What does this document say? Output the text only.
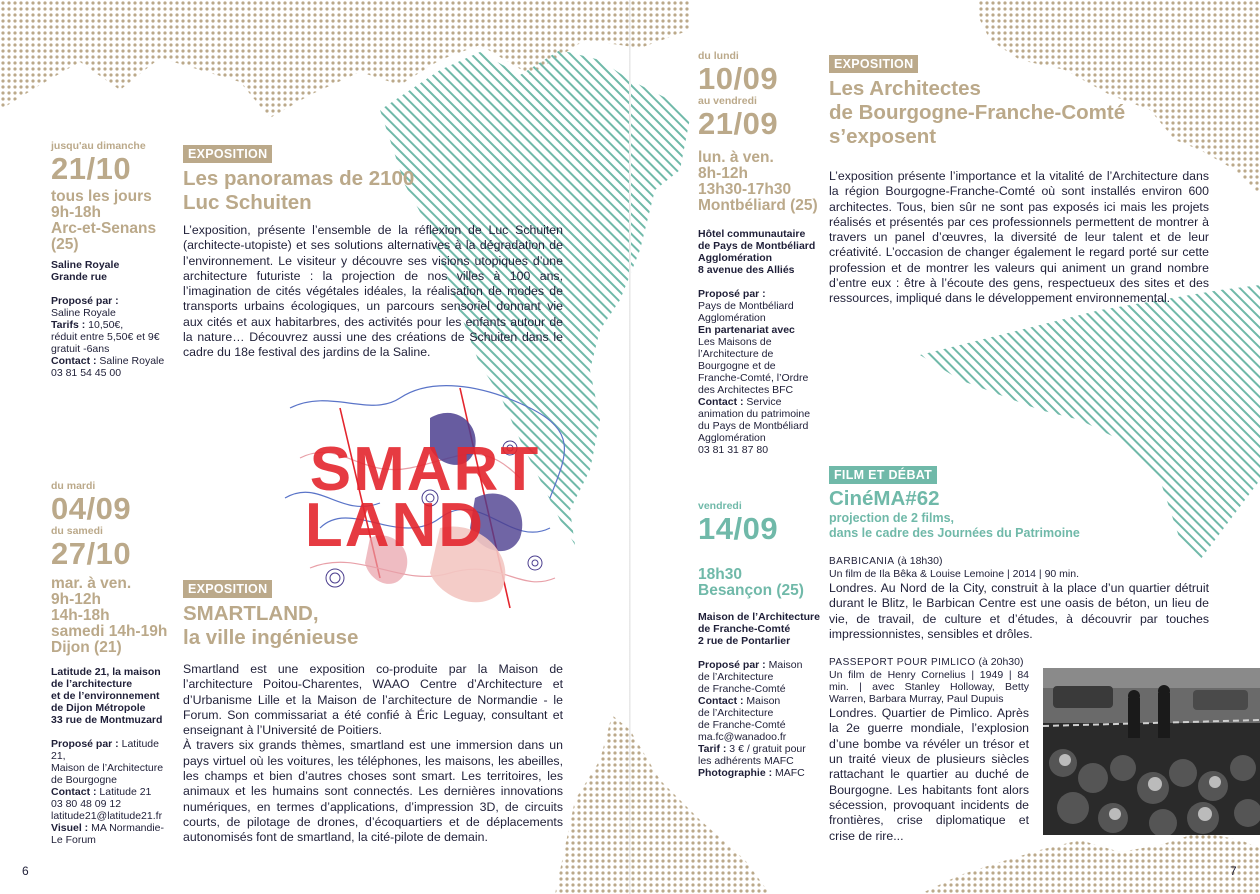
jusqu'au dimanche
21/10
tous les jours
9h-18h
Arc-et-Senans
(25)
Saline Royale
Grande rue
Proposé par :
Saline Royale
Tarifs : 10,50€,
réduit entre 5,50€ et 9€
gratuit -6ans
Contact : Saline Royale
03 81 54 45 00
EXPOSITION
Les panoramas de 2100
Luc Schuiten
L’exposition, présente l’ensemble de la réflexion de Luc Schuiten (architecte-utopiste) et ses solutions alternatives à la dégradation de l’environnement. Le visiteur y découvre ses visions utopiques d’une architecture futuriste : la projection de nos villes à 100 ans, l’imagination de cités végétales idéales, la réalisation de modes de transports urbains écologiques, un parcours sensoriel donnant vie aux cités et aux habitarbres, des activités pour les enfants autour de la nature… Découvrez aussi une des créations de Schuiten dans le cadre du 18e festival des jardins de la Saline.
SMART
LAND
du mardi
04/09
du samedi
27/10
mar. à ven.
9h-12h
14h-18h
samedi 14h-19h
Dijon (21)
Latitude 21, la maison
de l’architecture
et de l’environnement
de Dijon Métropole
33 rue de Montmuzard
Proposé par : Latitude 21,
Maison de l’Architecture
de Bourgogne
Contact : Latitude 21
03 80 48 09 12
latitude21@latitude21.fr
Visuel : MA Normandie-
Le Forum
EXPOSITION
SMARTLAND,
la ville ingénieuse
Smartland est une exposition co-produite par la Maison de l’architecture Poitou-Charentes, WAAO Centre d’Architecture et d’Urbanisme Lille et la Maison de l’architecture de Normandie - le Forum. Son commissariat a été confié à Éric Leguay, consultant et enseignant à l’Université de Poitiers.
À travers six grands thèmes, smartland est une immersion dans un pays virtuel où les voitures, les téléphones, les maisons, les abeilles, les champs et bien d’autres choses sont smart. Les territoires, les animaux et les humains sont connectés. Les dernières innovations numériques, en termes d’applications, d’impression 3D, de circuits courts, de pilotage de drones, d’écoquartiers et de déplacements autonomisés font de smartland, la cité-pilote de demain.
6
du lundi
10/09
au vendredi
21/09
lun. à ven.
8h-12h
13h30-17h30
Montbéliard (25)
Hôtel communautaire
de Pays de Montbéliard
Agglomération
8 avenue des Alliés
Proposé par :
Pays de Montbéliard
Agglomération
En partenariat avec
Les Maisons de
l’Architecture de
Bourgogne et de
Franche-Comté, l’Ordre
des Architectes BFC
Contact : Service
animation du patrimoine
du Pays de Montbéliard
Agglomération
03 81 31 87 80
EXPOSITION
Les Architectes
de Bourgogne-Franche-Comté
s’exposent
L’exposition présente l’importance et la vitalité de l’Architecture dans la région Bourgogne-Franche-Comté où sont installés environ 600 architectes. Tous, bien sûr ne sont pas exposés ici mais les projets réalisés et présentés par ces professionnels permettent de montrer à travers un panel d’œuvres, la diversité de leur talent et de leur créativité. L’occasion de changer également le regard porté sur cette profession et de montrer les valeurs qui animent un grand nombre d’entre eux : être à l’écoute des gens, respectueux des sites et des ressources, impliqué dans le développement environnemental.
vendredi
14/09
18h30
Besançon (25)
Maison de l’Architecture
de Franche-Comté
2 rue de Pontarlier
Proposé par : Maison
de l’Architecture
de Franche-Comté
Contact : Maison
de l’Architecture
de Franche-Comté
ma.fc@wanadoo.fr
Tarif : 3 € / gratuit pour
les adhérents MAFC
Photographie : MAFC
FILM ET DÉBAT
CinéMA#62
projection de 2 films,
dans le cadre des Journées du Patrimoine
BARBICANIA (à 18h30)
Un film de Ila Bêka & Louise Lemoine | 2014 | 90 min.
Londres. Au Nord de la City, construit à la place d’un quartier détruit durant le Blitz, le Barbican Centre est une oasis de béton, un lieu de vie, de travail, de culture et d’études, à découvrir par touches impressionnistes, sensibles et drôles.
PASSEPORT POUR PIMLICO (à 20h30)
Un film de Henry Cornelius | 1949 | 84 min. | avec Stanley Holloway, Betty Warren, Barbara Murray, Paul Dupuis
Londres. Quartier de Pimlico. Après la 2e guerre mondiale, l’explosion d’une bombe va révéler un trésor et un traité vieux de plusieurs siècles rattachant le quartier au duché de Bourgogne. Les habitants font alors sécession, provoquant incidents de frontières, crise diplomatique et crise de rire...
7
